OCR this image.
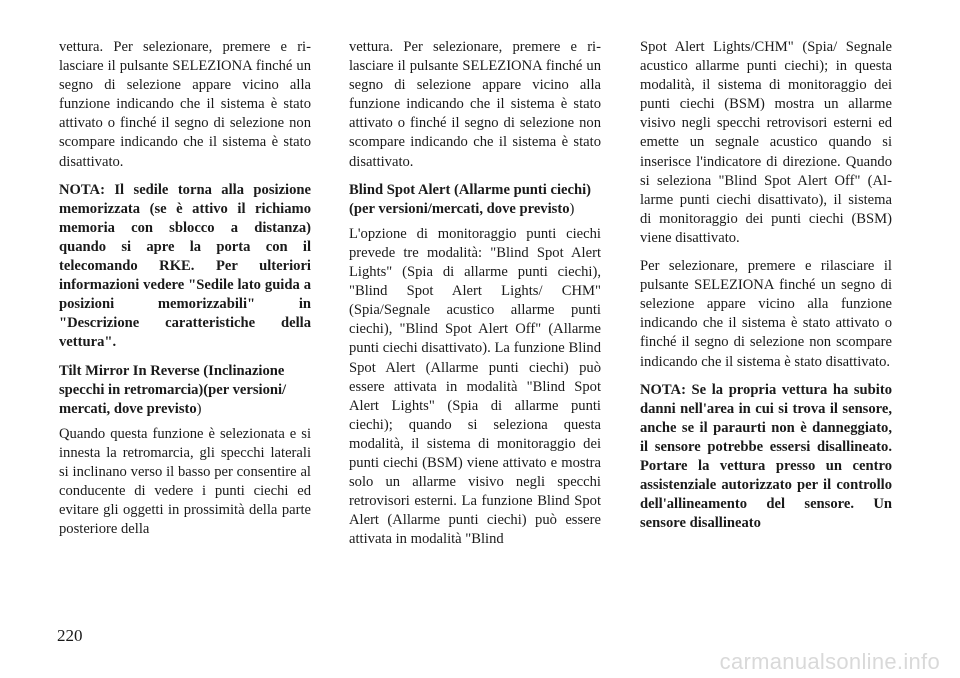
vettura. Per selezionare, premere e rilasciare il pulsante SELEZIONA finché un segno di selezione appare vicino alla funzione indicando che il sistema è stato attivato o finché il segno di selezione non scompare indicando che il sistema è stato disattivato.

NOTA: Il sedile torna alla posizione memorizzata (se è attivo il richiamo memoria con sblocco a distanza) quando si apre la porta con il telecomando RKE. Per ulteriori informazioni vedere "Sedile lato guida a posizioni memorizzabili" in "Descrizione caratteristiche della vettura".

Tilt Mirror In Reverse (Inclinazione specchi in retromarcia)(per versioni/ mercati, dove previsto)

Quando questa funzione è selezionata e si innesta la retromarcia, gli specchi laterali si inclinano verso il basso per consentire al conducente di vedere i punti ciechi ed evitare gli oggetti in prossimità della parte posteriore della

vettura. Per selezionare, premere e rilasciare il pulsante SELEZIONA finché un segno di selezione appare vicino alla funzione indicando che il sistema è stato attivato o finché il segno di selezione non scompare indicando che il sistema è stato disattivato.

Blind Spot Alert (Allarme punti ciechi) (per versioni/mercati, dove previsto)

L'opzione di monitoraggio punti ciechi prevede tre modalità: "Blind Spot Alert Lights" (Spia di allarme punti ciechi), "Blind Spot Alert Lights/ CHM" (Spia/Segnale acustico allarme punti ciechi), "Blind Spot Alert Off" (Allarme punti ciechi disattivato). La funzione Blind Spot Alert (Allarme punti ciechi) può essere attivata in modalità "Blind Spot Alert Lights" (Spia di allarme punti ciechi); quando si seleziona questa modalità, il sistema di monitoraggio dei punti ciechi (BSM) viene attivato e mostra solo un allarme visivo negli specchi retrovisori esterni. La funzione Blind Spot Alert (Allarme punti ciechi) può essere attivata in modalità "Blind

Spot Alert Lights/CHM" (Spia/ Segnale acustico allarme punti ciechi); in questa modalità, il sistema di monitoraggio dei punti ciechi (BSM) mostra un allarme visivo negli specchi retrovisori esterni ed emette un segnale acustico quando si inserisce l'indicatore di direzione. Quando si seleziona "Blind Spot Alert Off" (Allarme punti ciechi disattivato), il sistema di monitoraggio dei punti ciechi (BSM) viene disattivato.

Per selezionare, premere e rilasciare il pulsante SELEZIONA finché un segno di selezione appare vicino alla funzione indicando che il sistema è stato attivato o finché il segno di selezione non scompare indicando che il sistema è stato disattivato.

NOTA: Se la propria vettura ha subito danni nell'area in cui si trova il sensore, anche se il paraurti non è danneggiato, il sensore potrebbe essersi disallineato. Portare la vettura presso un centro assistenziale autorizzato per il controllo dell'allineamento del sensore. Un sensore disallineato

220
carmanualsonline.info
